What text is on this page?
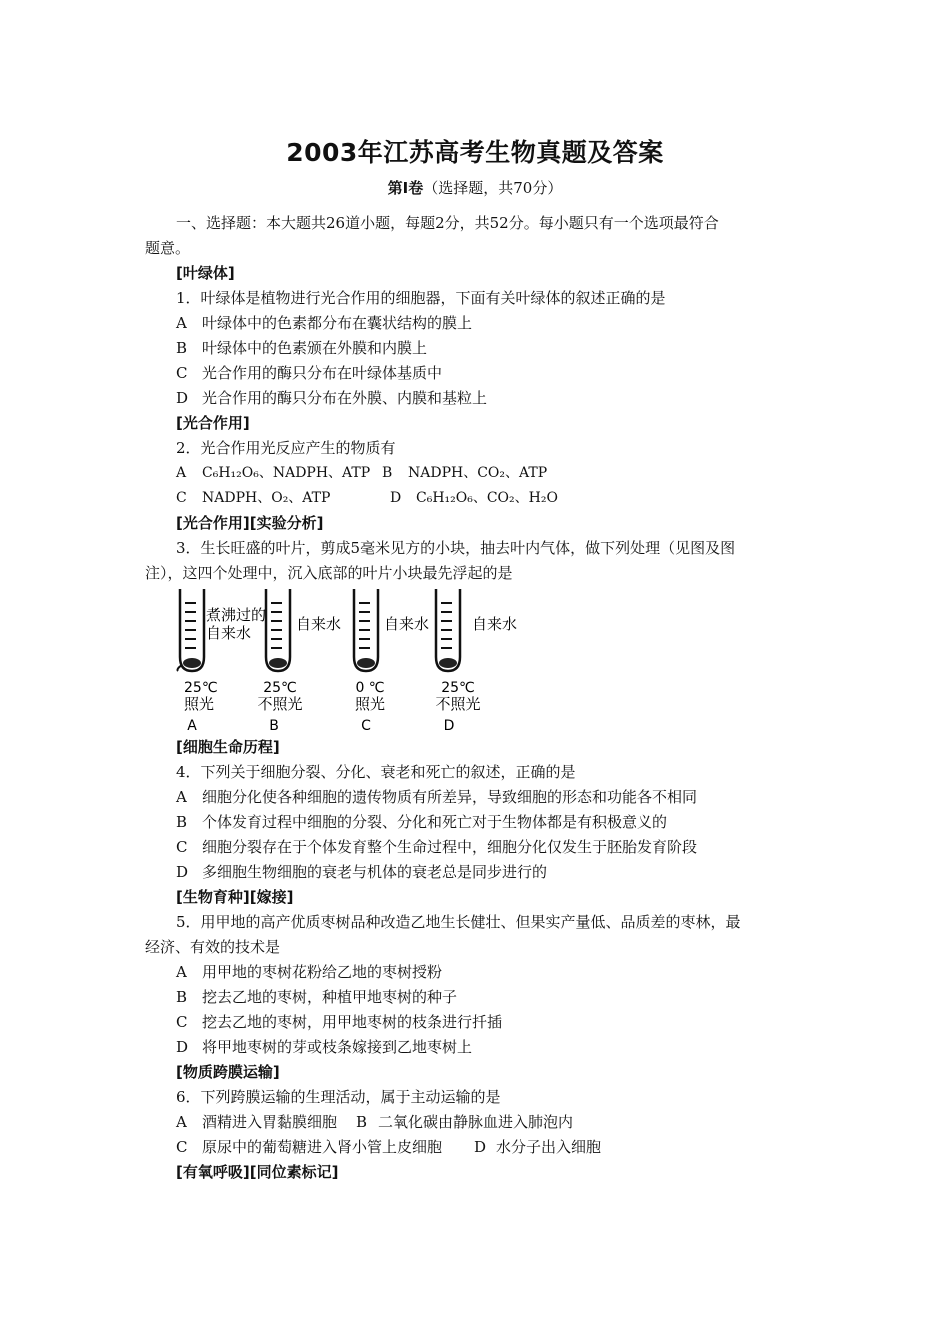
2003年江苏高考生物真题及答案
第Ⅰ卷（选择题，共70分）
一、选择题：本大题共26道小题，每题2分，共52分。每小题只有一个选项最符合
题意。
[叶绿体]
1．叶绿体是植物进行光合作用的细胞器，下面有关叶绿体的叙述正确的是
A 叶绿体中的色素都分布在囊状结构的膜上
B 叶绿体中的色素颁在外膜和内膜上
C 光合作用的酶只分布在叶绿体基质中
D 光合作用的酶只分布在外膜、内膜和基粒上
[光合作用]
2．光合作用光反应产生的物质有
A C₆H₁₂O₆、NADPH、ATP B NADPH、CO₂、ATP
C NADPH、O₂、ATP	D C₆H₁₂O₆、CO₂、H₂O
[光合作用][实验分析]
3．生长旺盛的叶片，剪成5毫米见方的小块，抽去叶内气体，做下列处理（见图及图
注），这四个处理中，沉入底部的叶片小块最先浮起的是
煮沸过的
自来水
25℃
照光
A
自来水
25℃
不照光
B
自来水
0 ℃
照光
C
自来水
25℃
不照光
D
[细胞生命历程]
4．下列关于细胞分裂、分化、衰老和死亡的叙述，正确的是
A 细胞分化使各种细胞的遗传物质有所差异，导致细胞的形态和功能各不相同
B 个体发育过程中细胞的分裂、分化和死亡对于生物体都是有积极意义的
C 细胞分裂存在于个体发育整个生命过程中，细胞分化仅发生于胚胎发育阶段
D 多细胞生物细胞的衰老与机体的衰老总是同步进行的
[生物育种][嫁接]
5．用甲地的高产优质枣树品种改造乙地生长健壮、但果实产量低、品质差的枣林，最
经济、有效的技术是
A 用甲地的枣树花粉给乙地的枣树授粉
B 挖去乙地的枣树，种植甲地枣树的种子
C 挖去乙地的枣树，用甲地枣树的枝条进行扦插
D 将甲地枣树的芽或枝条嫁接到乙地枣树上
[物质跨膜运输]
6．下列跨膜运输的生理活动，属于主动运输的是
A 酒精进入胃黏膜细胞 B 二氧化碳由静脉血进入肺泡内
C 原尿中的葡萄糖进入肾小管上皮细胞 D 水分子出入细胞
[有氧呼吸][同位素标记]
